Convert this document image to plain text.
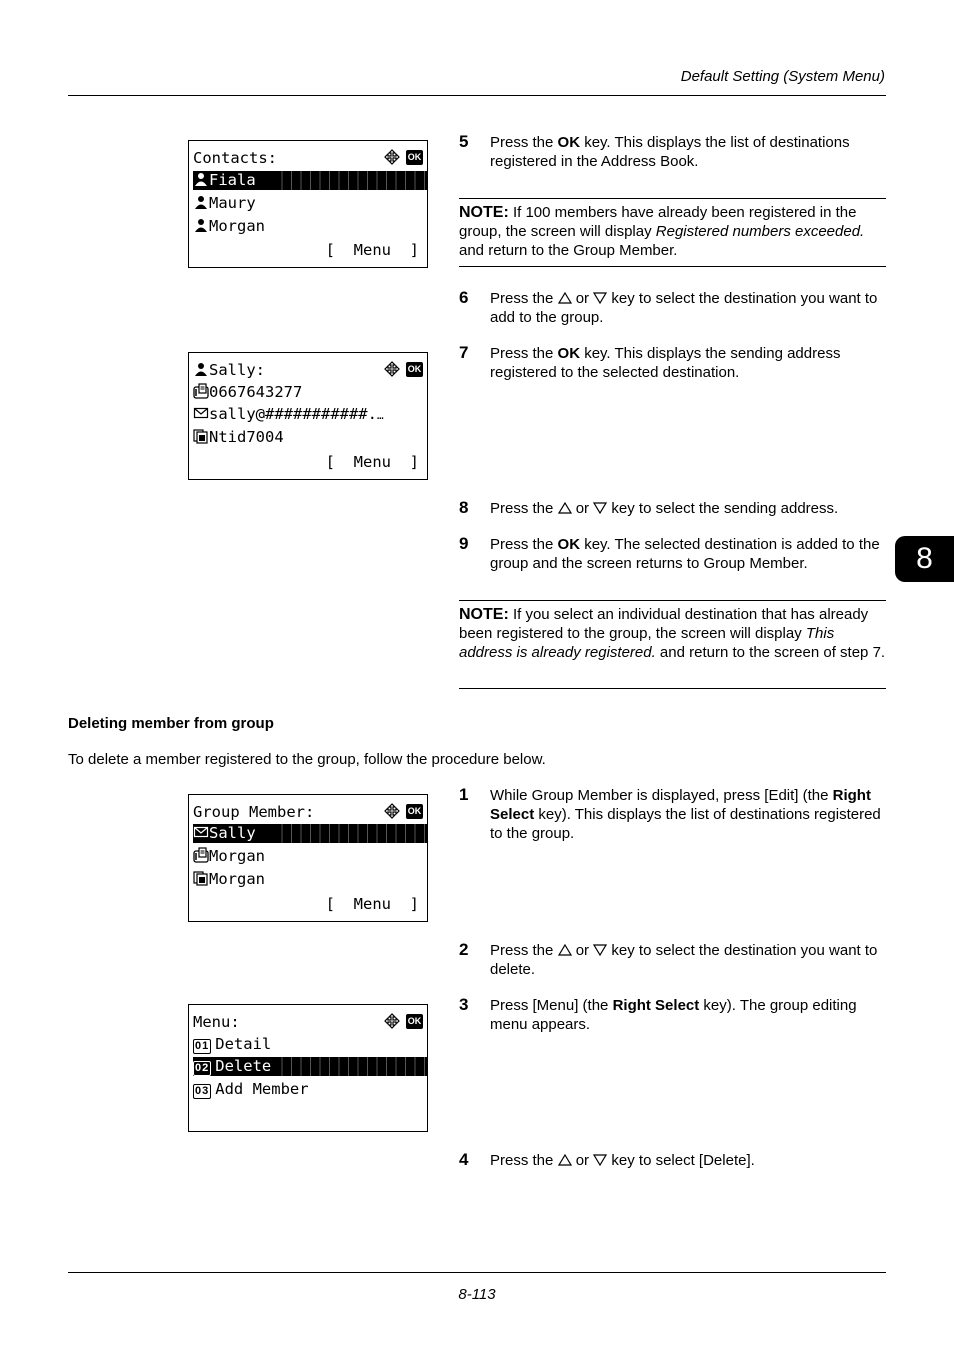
Default Setting (System Menu)
8
Contacts:	OK
Fiala
Maury
Morgan
[  Menu  ]
Sally:	OK
0667643277
sally@###########.…
Ntid7004
[  Menu  ]
5 Press the OK key. This displays the list of destinations registered in the Address Book.
NOTE: If 100 members have already been registered in the group, the screen will display Registered numbers exceeded. and return to the Group Member.
6 Press the  or  key to select the destination you want to add to the group.
7 Press the OK key. This displays the sending address registered to the selected destination.
8 Press the  or  key to select the sending address.
9 Press the OK key. The selected destination is added to the group and the screen returns to Group Member.
NOTE: If you select an individual destination that has already been registered to the group, the screen will display This address is already registered. and return to the screen of step 7.
Deleting member from group
To delete a member registered to the group, follow the procedure below.
Group Member:	OK
Sally
Morgan
Morgan
[  Menu  ]
Menu:	OK
01 Detail
02 Delete
03 Add Member
1 While Group Member is displayed, press [Edit] (the Right Select key). This displays the list of destinations registered to the group.
2 Press the  or  key to select the destination you want to delete.
3 Press [Menu] (the Right Select key). The group editing menu appears.
4 Press the  or  key to select [Delete].
8-113
